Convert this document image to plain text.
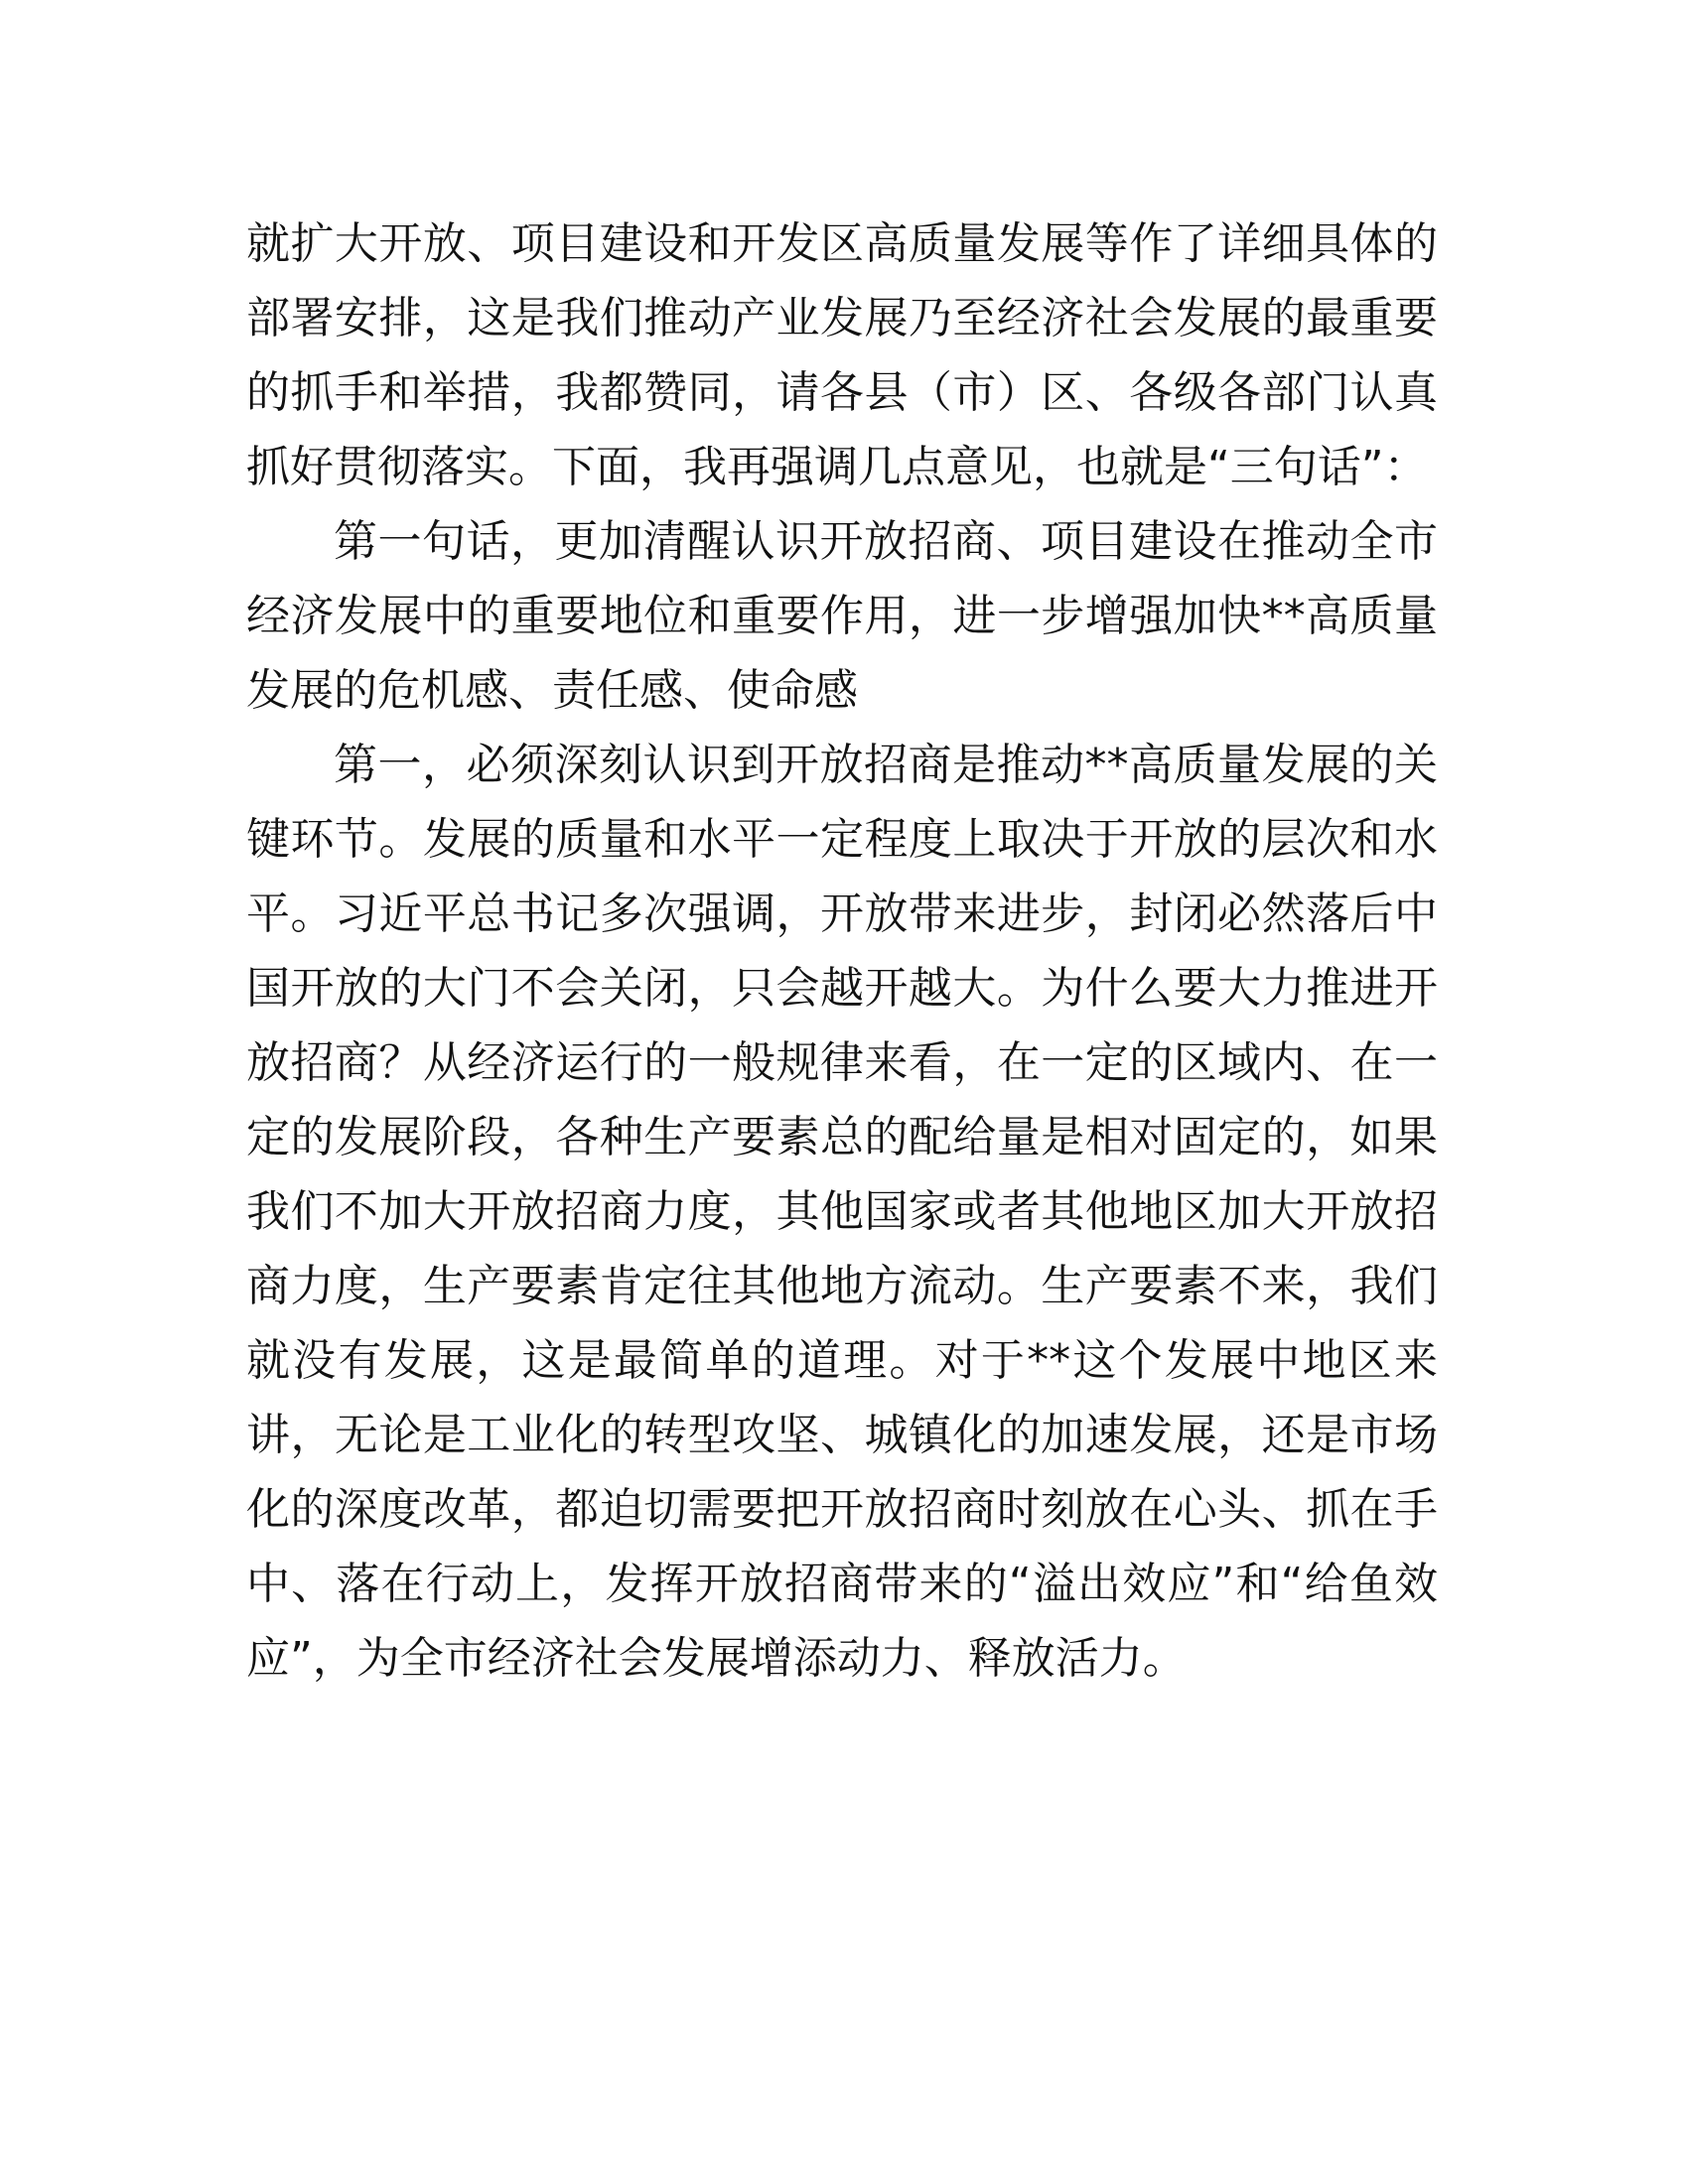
就扩大开放、项目建设和开发区高质量发展等作了详细具体的部署安排，这是我们推动产业发展乃至经济社会发展的最重要的抓手和举措，我都赞同，请各县（市）区、各级各部门认真抓好贯彻落实。下面，我再强调几点意见，也就是“三句话”：

第一句话，更加清醒认识开放招商、项目建设在推动全市经济发展中的重要地位和重要作用，进一步增强加快**高质量发展的危机感、责任感、使命感

第一，必须深刻认识到开放招商是推动**高质量发展的关键环节。发展的质量和水平一定程度上取决于开放的层次和水平。习近平总书记多次强调，开放带来进步，封闭必然落后中国开放的大门不会关闭，只会越开越大。为什么要大力推进开放招商？从经济运行的一般规律来看，在一定的区域内、在一定的发展阶段，各种生产要素总的配给量是相对固定的，如果我们不加大开放招商力度，其他国家或者其他地区加大开放招商力度，生产要素肯定往其他地方流动。生产要素不来，我们就没有发展，这是最简单的道理。对于**这个发展中地区来讲，无论是工业化的转型攻坚、城镇化的加速发展，还是市场化的深度改革，都迫切需要把开放招商时刻放在心头、抓在手中、落在行动上，发挥开放招商带来的“溢出效应”和“给鱼效应”，为全市经济社会发展增添动力、释放活力。
